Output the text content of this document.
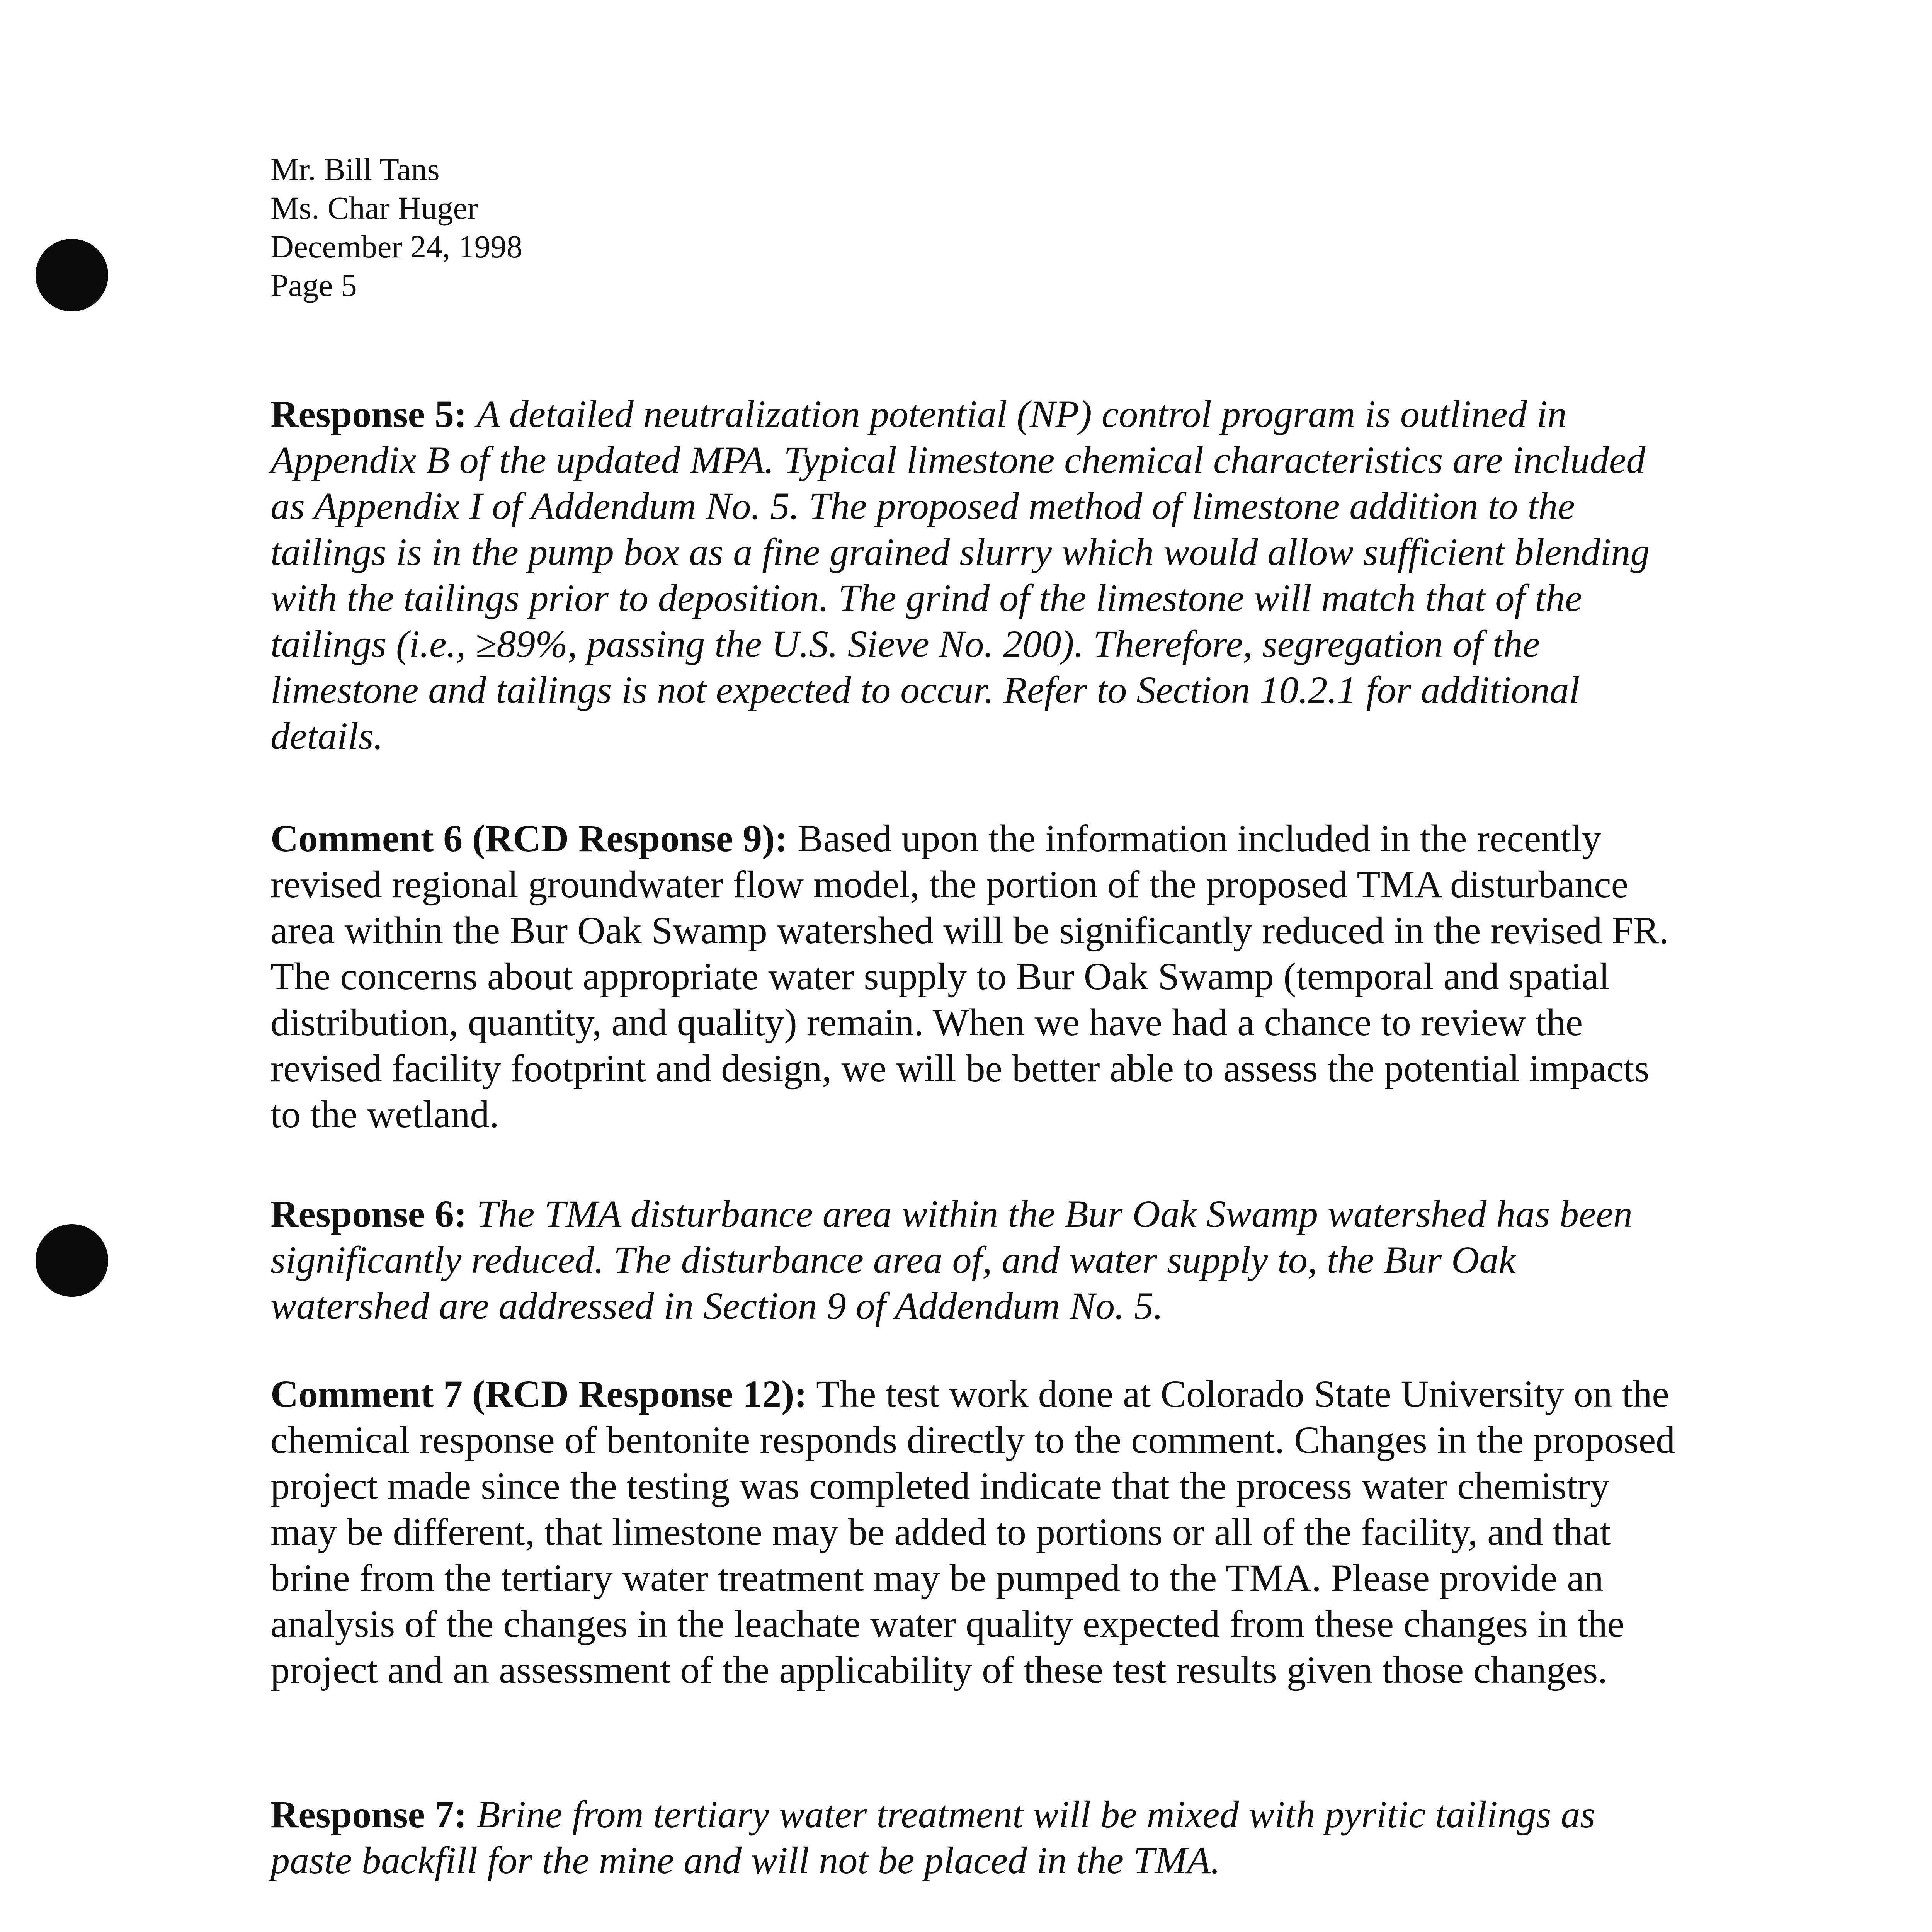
Mr. Bill Tans
Ms. Char Huger
December 24, 1998
Page 5
Response 5: A detailed neutralization potential (NP) control program is outlined in Appendix B of the updated MPA. Typical limestone chemical characteristics are included as Appendix I of Addendum No. 5. The proposed method of limestone addition to the tailings is in the pump box as a fine grained slurry which would allow sufficient blending with the tailings prior to deposition. The grind of the limestone will match that of the tailings (i.e., ≥89%, passing the U.S. Sieve No. 200). Therefore, segregation of the limestone and tailings is not expected to occur. Refer to Section 10.2.1 for additional details.
Comment 6 (RCD Response 9): Based upon the information included in the recently revised regional groundwater flow model, the portion of the proposed TMA disturbance area within the Bur Oak Swamp watershed will be significantly reduced in the revised FR. The concerns about appropriate water supply to Bur Oak Swamp (temporal and spatial distribution, quantity, and quality) remain. When we have had a chance to review the revised facility footprint and design, we will be better able to assess the potential impacts to the wetland.
Response 6: The TMA disturbance area within the Bur Oak Swamp watershed has been significantly reduced. The disturbance area of, and water supply to, the Bur Oak watershed are addressed in Section 9 of Addendum No. 5.
Comment 7 (RCD Response 12): The test work done at Colorado State University on the chemical response of bentonite responds directly to the comment. Changes in the proposed project made since the testing was completed indicate that the process water chemistry may be different, that limestone may be added to portions or all of the facility, and that brine from the tertiary water treatment may be pumped to the TMA. Please provide an analysis of the changes in the leachate water quality expected from these changes in the project and an assessment of the applicability of these test results given those changes.
Response 7: Brine from tertiary water treatment will be mixed with pyritic tailings as paste backfill for the mine and will not be placed in the TMA.
